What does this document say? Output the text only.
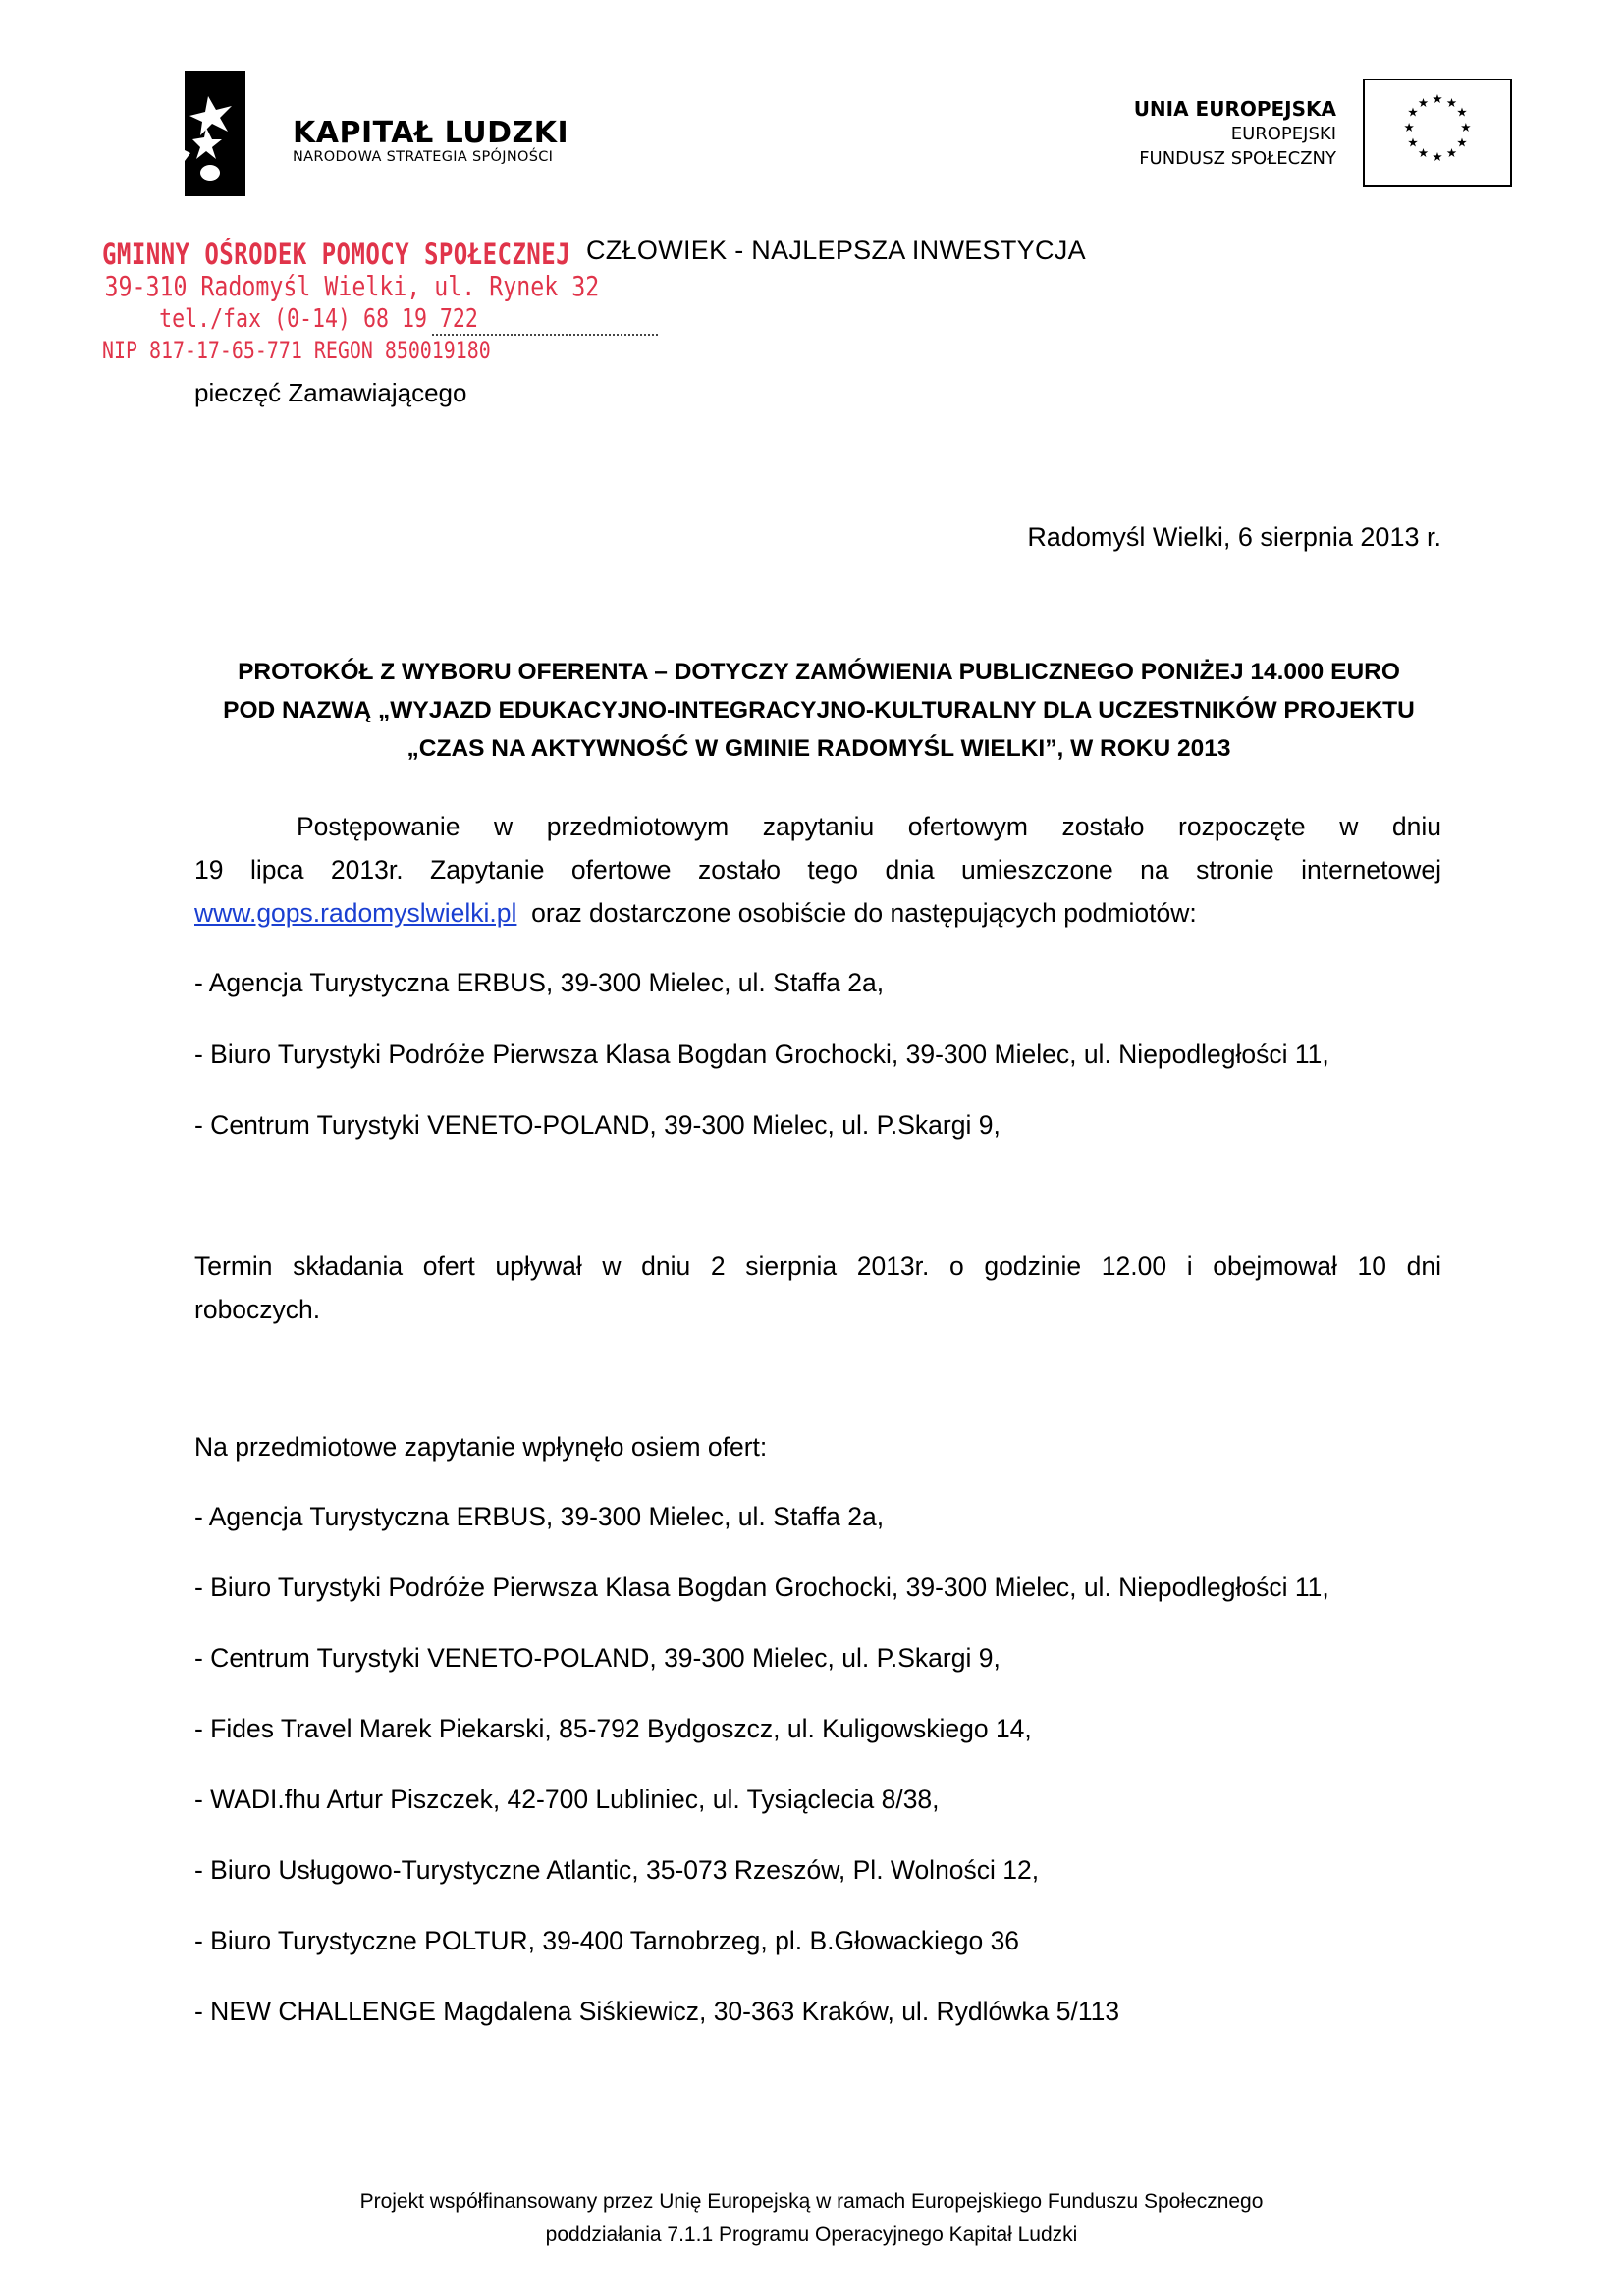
KAPITAŁ LUDZKI
NARODOWA STRATEGIA SPÓJNOŚCI
UNIA EUROPEJSKA
EUROPEJSKI
FUNDUSZ SPOŁECZNY
★ ★
★
★
★
★
★
★
★
★
★
★
GMINNY OŚRODEK POMOCY SPOŁECZNEJ
39-310 Radomyśl Wielki, ul. Rynek 32
tel./fax (0-14) 68 19 722
NIP 817-17-65-771 REGON 850019180
CZŁOWIEK - NAJLEPSZA INWESTYCJA
pieczęć Zamawiającego
Radomyśl Wielki, 6 sierpnia 2013 r.
PROTOKÓŁ Z WYBORU OFERENTA – DOTYCZY ZAMÓWIENIA PUBLICZNEGO PONIŻEJ 14.000 EURO
POD NAZWĄ „WYJAZD EDUKACYJNO-INTEGRACYJNO-KULTURALNY DLA UCZESTNIKÓW PROJEKTU
„CZAS NA AKTYWNOŚĆ W GMINIE RADOMYŚL WIELKI”, W ROKU 2013
Postępowanie w przedmiotowym zapytaniu ofertowym zostało rozpoczęte w dniu
19 lipca 2013r. Zapytanie ofertowe zostało tego dnia umieszczone na stronie internetowej
www.gops.radomyslwielki.pl  oraz dostarczone osobiście do następujących podmiotów:
- Agencja Turystyczna ERBUS, 39-300 Mielec, ul. Staffa 2a,
- Biuro Turystyki Podróże Pierwsza Klasa Bogdan Grochocki, 39-300 Mielec, ul. Niepodległości 11,
- Centrum Turystyki VENETO-POLAND, 39-300 Mielec, ul. P.Skargi 9,
Termin składania ofert upływał w dniu 2 sierpnia 2013r. o godzinie 12.00 i obejmował 10 dni
roboczych.
Na przedmiotowe zapytanie wpłynęło osiem ofert:
- Agencja Turystyczna ERBUS, 39-300 Mielec, ul. Staffa 2a,
- Biuro Turystyki Podróże Pierwsza Klasa Bogdan Grochocki, 39-300 Mielec, ul. Niepodległości 11,
- Centrum Turystyki VENETO-POLAND, 39-300 Mielec, ul. P.Skargi 9,
- Fides Travel Marek Piekarski, 85-792 Bydgoszcz, ul. Kuligowskiego 14,
- WADI.fhu Artur Piszczek, 42-700 Lubliniec, ul. Tysiąclecia 8/38,
- Biuro Usługowo-Turystyczne Atlantic, 35-073 Rzeszów, Pl. Wolności 12,
- Biuro Turystyczne POLTUR, 39-400 Tarnobrzeg, pl. B.Głowackiego 36
- NEW CHALLENGE Magdalena Siśkiewicz, 30-363 Kraków, ul. Rydlówka 5/113
Projekt współfinansowany przez Unię Europejską w ramach Europejskiego Funduszu Społecznego
poddziałania 7.1.1 Programu Operacyjnego Kapitał Ludzki
